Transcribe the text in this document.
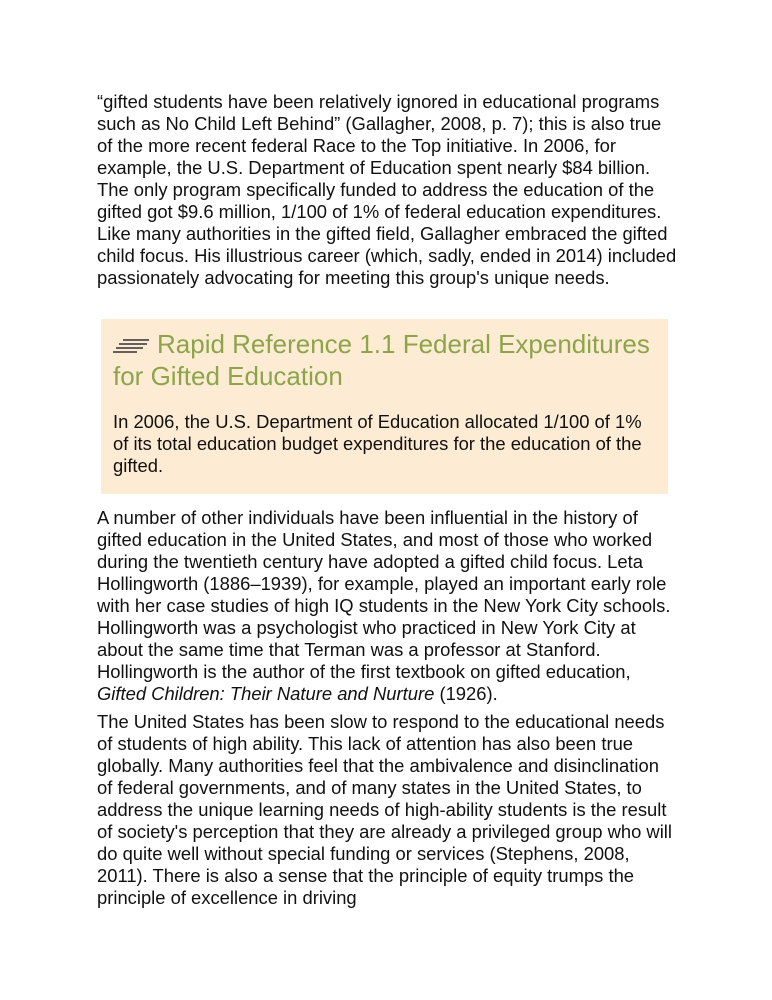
“gifted students have been relatively ignored in educational programs such as No Child Left Behind” (Gallagher, 2008, p. 7); this is also true of the more recent federal Race to the Top initiative. In 2006, for example, the U.S. Department of Education spent nearly $84 billion. The only program specifically funded to address the education of the gifted got $9.6 million, 1/100 of 1% of federal education expenditures. Like many authorities in the gifted field, Gallagher embraced the gifted child focus. His illustrious career (which, sadly, ended in 2014) included passionately advocating for meeting this group's unique needs.

Rapid Reference 1.1 Federal Expenditures for Gifted Education

In 2006, the U.S. Department of Education allocated 1/100 of 1% of its total education budget expenditures for the education of the gifted.

A number of other individuals have been influential in the history of gifted education in the United States, and most of those who worked during the twentieth century have adopted a gifted child focus. Leta Hollingworth (1886–1939), for example, played an important early role with her case studies of high IQ students in the New York City schools. Hollingworth was a psychologist who practiced in New York City at about the same time that Terman was a professor at Stanford. Hollingworth is the author of the first textbook on gifted education, Gifted Children: Their Nature and Nurture (1926).

The United States has been slow to respond to the educational needs of students of high ability. This lack of attention has also been true globally. Many authorities feel that the ambivalence and disinclination of federal governments, and of many states in the United States, to address the unique learning needs of high-ability students is the result of society's perception that they are already a privileged group who will do quite well without special funding or services (Stephens, 2008, 2011). There is also a sense that the principle of equity trumps the principle of excellence in driving
